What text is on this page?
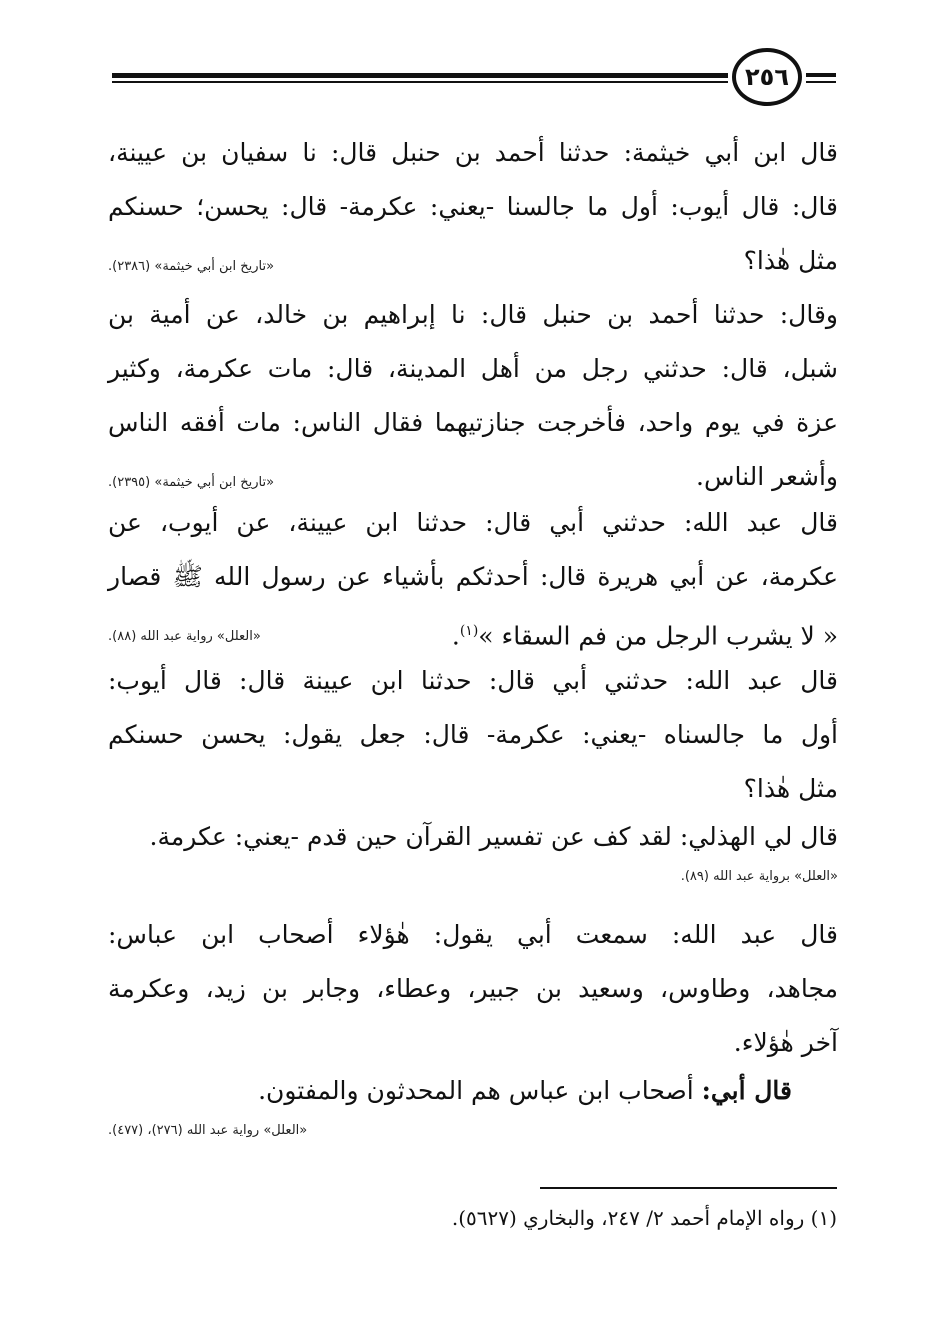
٢٥٦
قال ابن أبي خيثمة: حدثنا أحمد بن حنبل قال: نا سفيان بن عيينة،
قال: قال أيوب: أول ما جالسنا -يعني: عكرمة- قال: يحسن؛ حسنكم
مثل هٰذا؟
«تاريخ ابن أبي خيثمة» (٢٣٨٦).
وقال: حدثنا أحمد بن حنبل قال: نا إبراهيم بن خالد، عن أمية بن
شبل، قال: حدثني رجل من أهل المدينة، قال: مات عكرمة، وكثير
عزة في يوم واحد، فأخرجت جنازتيهما فقال الناس: مات أفقه الناس
وأشعر الناس.
«تاريخ ابن أبي خيثمة» (٢٣٩٥).
قال عبد الله: حدثني أبي قال: حدثنا ابن عيينة، عن أيوب، عن
عكرمة، عن أبي هريرة قال: أحدثكم بأشياء عن رسول الله ﷺ قصار
« لا يشرب الرجل من فم السقاء »$^{(١)}$.
«العلل» رواية عبد الله (٨٨).
قال عبد الله: حدثني أبي قال: حدثنا ابن عيينة قال: قال أيوب:
أول ما جالسناه -يعني: عكرمة- قال: جعل يقول: يحسن حسنكم
مثل هٰذا؟
قال لي الهذلي: لقد كف عن تفسير القرآن حين قدم -يعني: عكرمة.
«العلل» برواية عبد الله (٨٩).
قال عبد الله: سمعت أبي يقول: هٰؤلاء أصحاب ابن عباس:
مجاهد، وطاوس، وسعيد بن جبير، وعطاء، وجابر بن زيد، وعكرمة
آخر هٰؤلاء.
قال أبي: أصحاب ابن عباس هم المحدثون والمفتون.
«العلل» رواية عبد الله (٢٧٦)، (٤٧٧).
(١) رواه الإمام أحمد ٢/ ٢٤٧، والبخاري (٥٦٢٧).
